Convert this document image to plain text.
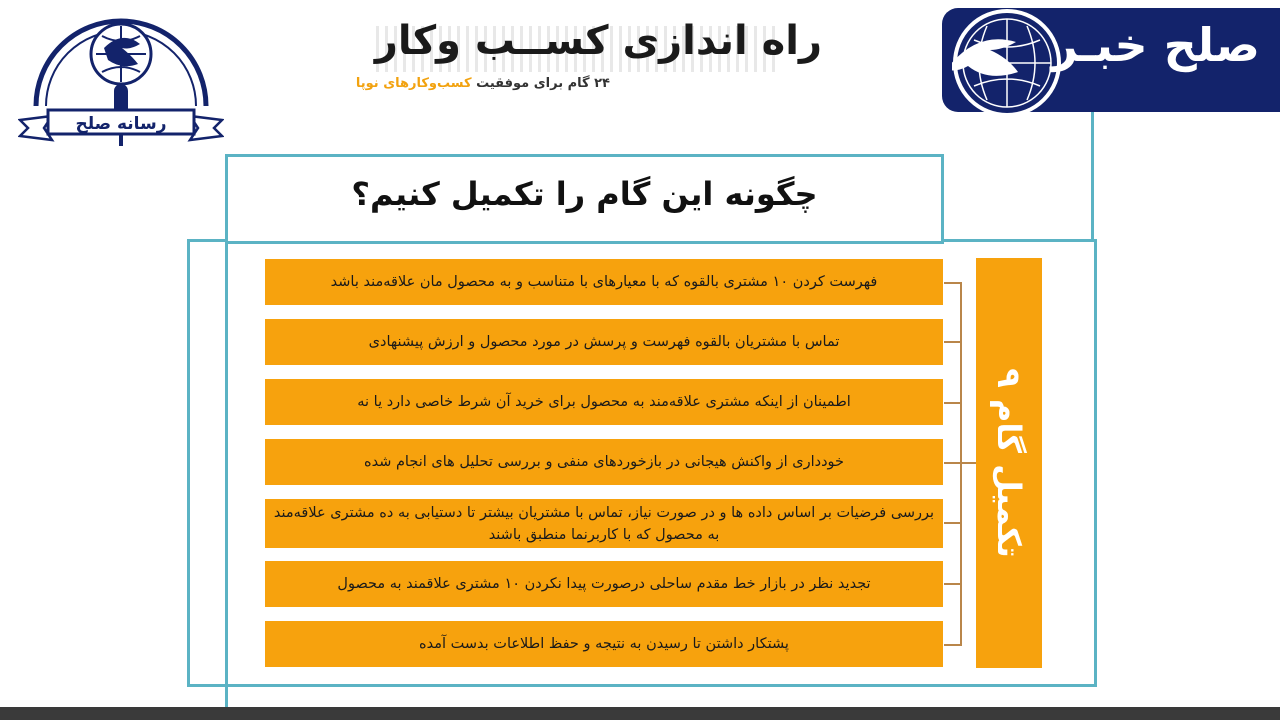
رسانه صلح
راه اندازی کســب وکار
۲۴ گام برای موفقیت کسب‌وکارهای نوپا
صلح خبـر
چگونه این گام را تکمیل کنیم؟
تکمیل گام ۹
فهرست کردن ۱۰ مشتری بالقوه که با معیارهای با متناسب و به محصول مان علاقه‌مند باشد
تماس با مشتریان بالقوه فهرست و پرسش در مورد محصول و ارزش پیشنهادی
اطمینان از اینکه مشتری علاقه‌مند به محصول برای خرید آن شرط خاصی دارد یا نه
خودداری از واکنش هیجانی در بازخوردهای منفی و بررسی تحلیل های انجام شده
بررسی فرضیات بر اساس داده ها و در صورت نیاز، تماس با مشتریان بیشتر تا دستیابی به ده مشتری علاقه‌مند به محصول که با کاربرنما منطبق باشند
تجدید نظر در بازار خط مقدم ساحلی درصورت پیدا نکردن ۱۰ مشتری علاقمند به محصول
پشتکار داشتن تا رسیدن به نتیجه و حفظ اطلاعات بدست آمده
